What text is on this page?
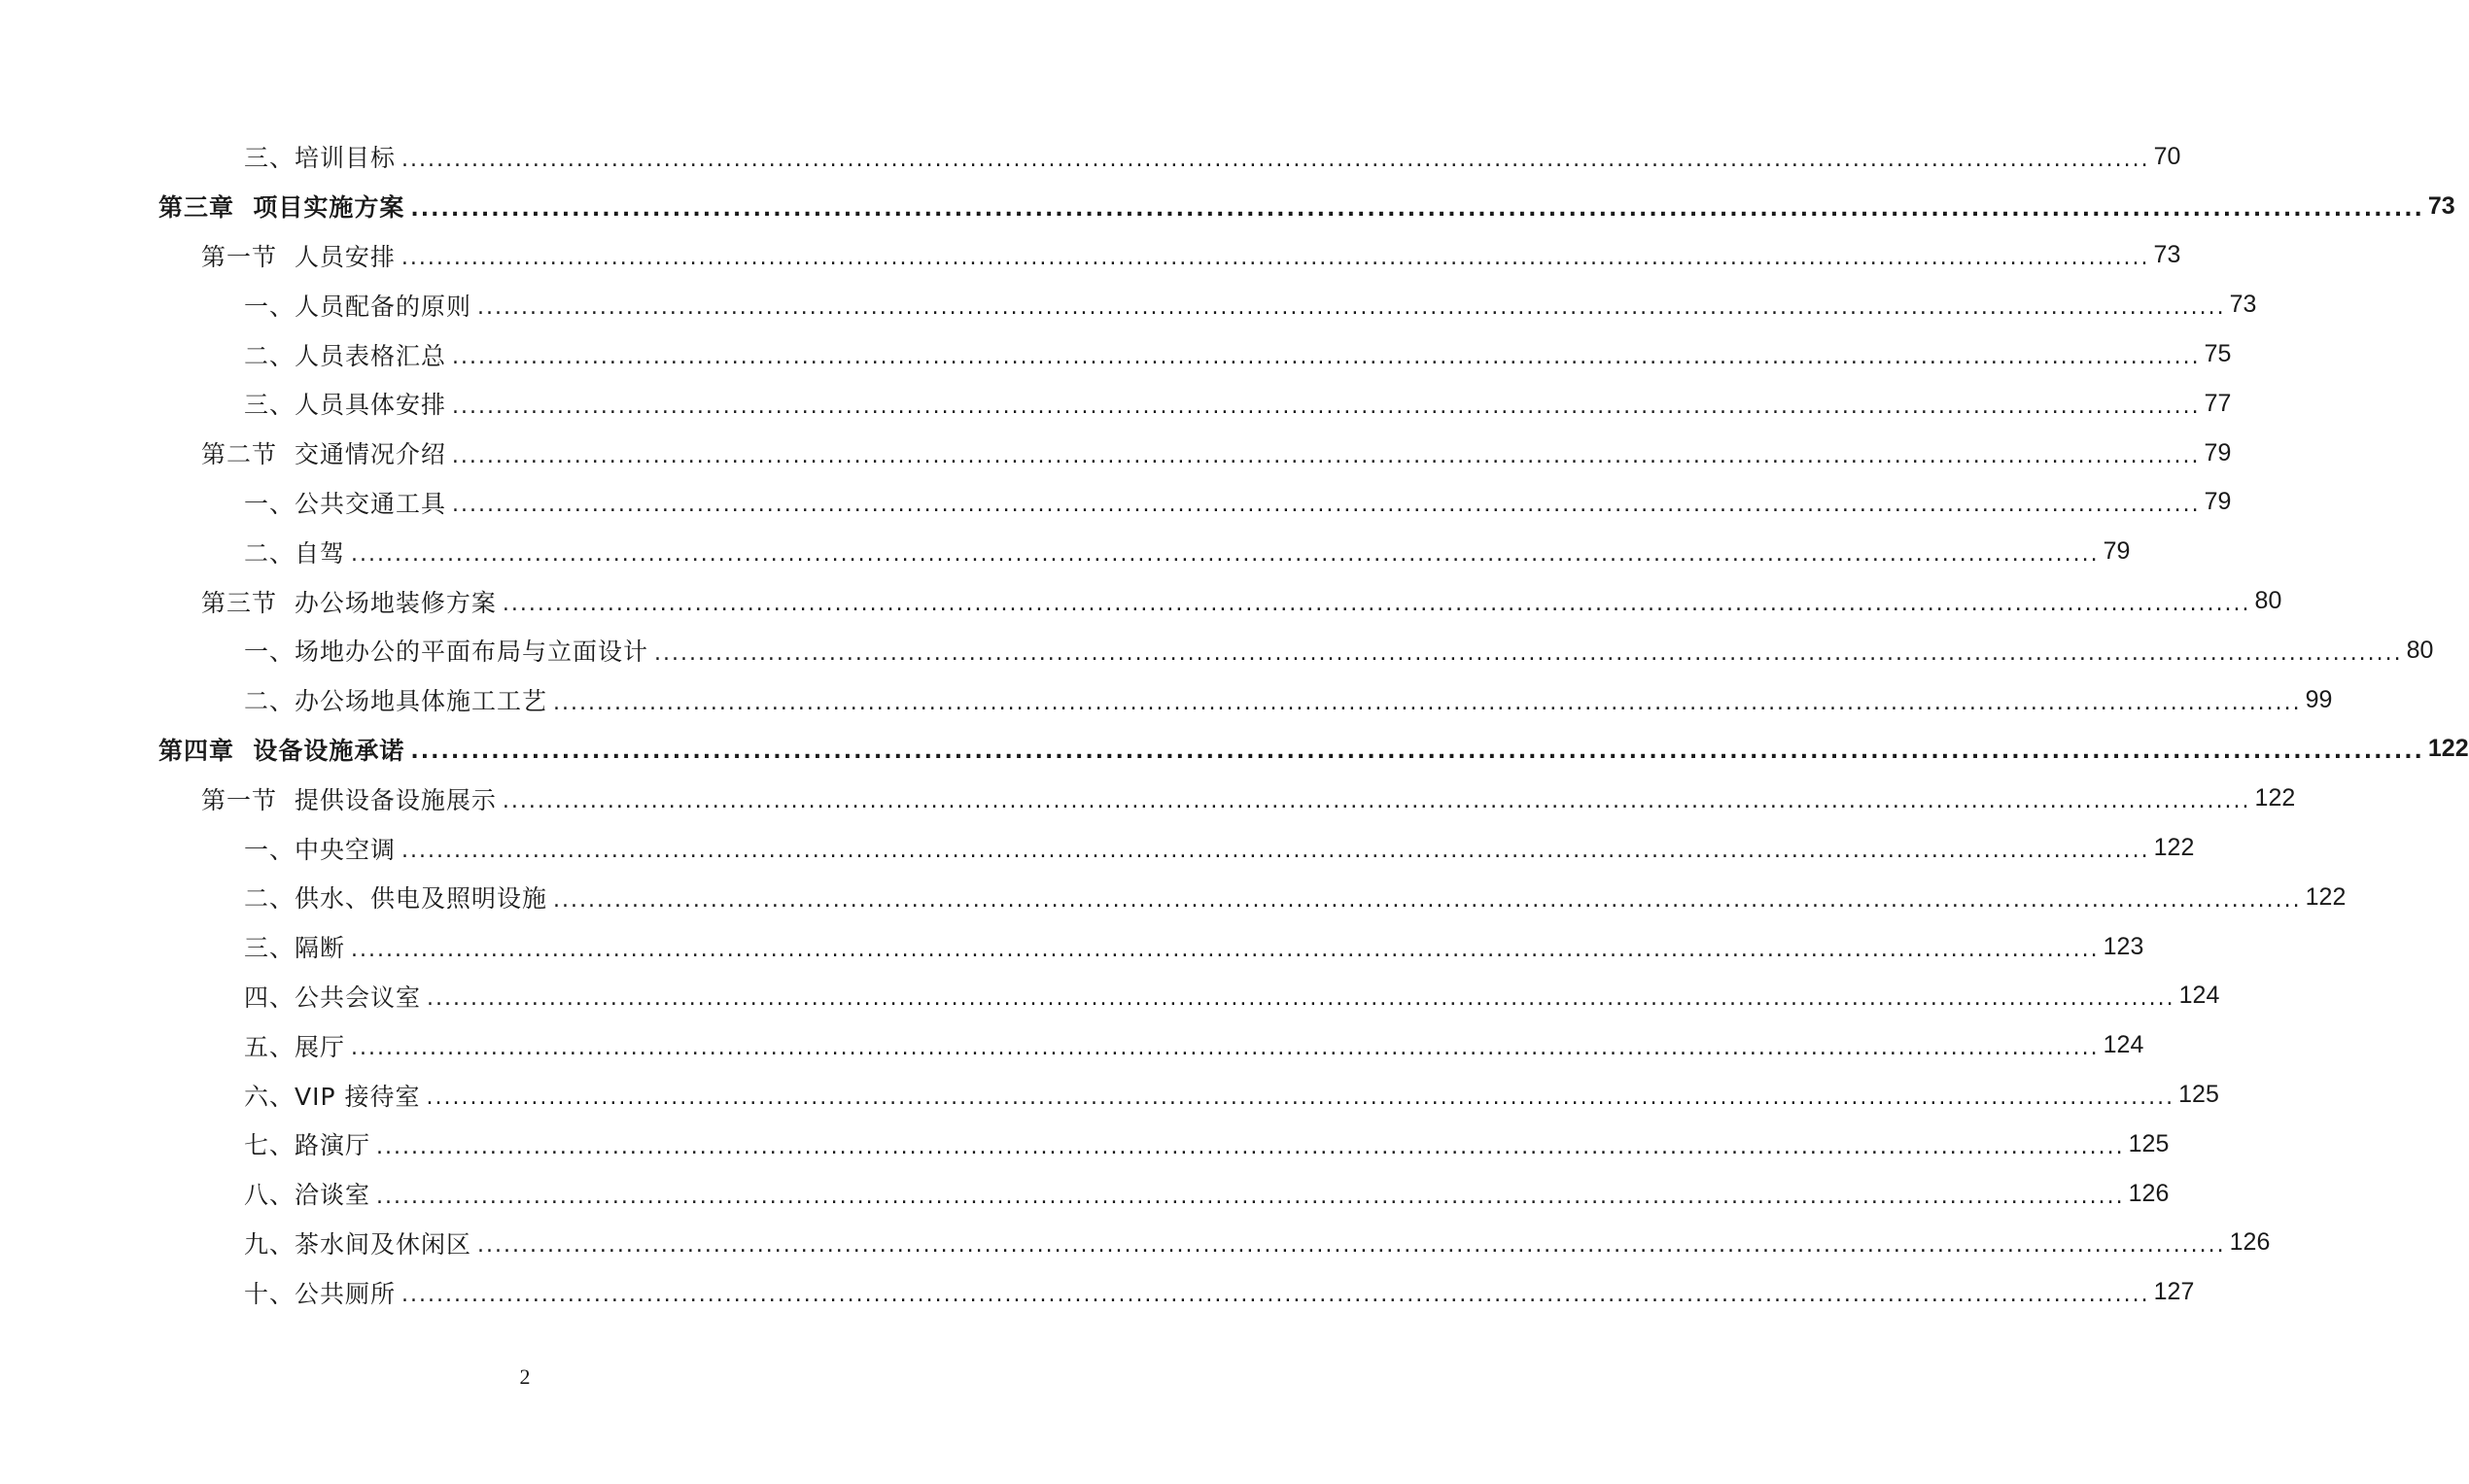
三、培训目标 ........................................................................................................................................................................................................ 70
第三章  项目实施方案 ........................................................................................................................................................................................................ 73
第一节  人员安排 ........................................................................................................................................................................................................ 73
一、人员配备的原则 ........................................................................................................................................................................................................ 73
二、人员表格汇总 ........................................................................................................................................................................................................ 75
三、人员具体安排 ........................................................................................................................................................................................................ 77
第二节  交通情况介绍 ........................................................................................................................................................................................................ 79
一、公共交通工具 ........................................................................................................................................................................................................ 79
二、自驾 ........................................................................................................................................................................................................ 79
第三节  办公场地装修方案 ........................................................................................................................................................................................................ 80
一、场地办公的平面布局与立面设计 ........................................................................................................................................................................................................ 80
二、办公场地具体施工工艺 ........................................................................................................................................................................................................ 99
第四章  设备设施承诺 ........................................................................................................................................................................................................ 122
第一节  提供设备设施展示 ........................................................................................................................................................................................................ 122
一、中央空调 ........................................................................................................................................................................................................ 122
二、供水、供电及照明设施 ........................................................................................................................................................................................................ 122
三、隔断 ........................................................................................................................................................................................................ 123
四、公共会议室 ........................................................................................................................................................................................................ 124
五、展厅 ........................................................................................................................................................................................................ 124
六、VIP 接待室 ........................................................................................................................................................................................................ 125
七、路演厅 ........................................................................................................................................................................................................ 125
八、洽谈室 ........................................................................................................................................................................................................ 126
九、茶水间及休闲区 ........................................................................................................................................................................................................ 126
十、公共厕所 ........................................................................................................................................................................................................ 127
2
